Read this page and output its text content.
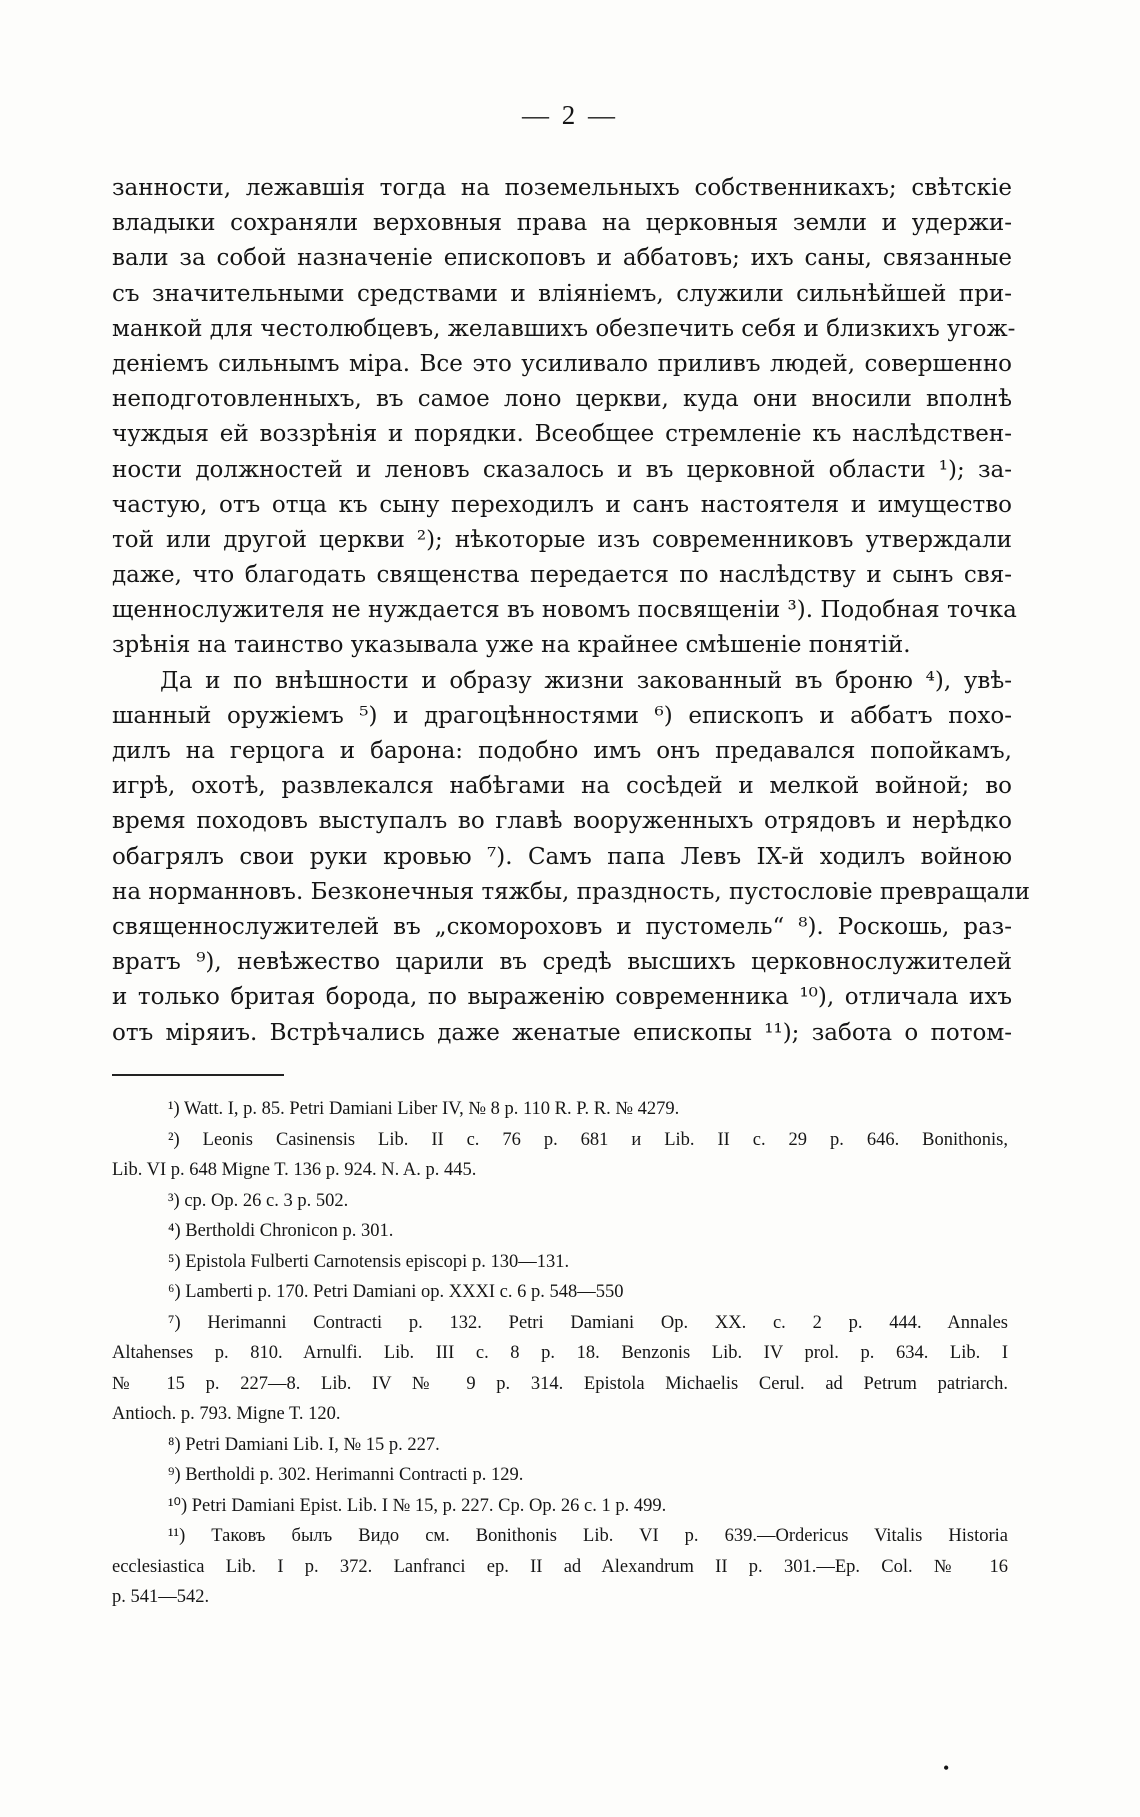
— 2 —
занности, лежавшія тогда на поземельныхъ собственникахъ; свѣтскіе
владыки сохраняли верховныя права на церковныя земли и удержи-
вали за собой назначеніе епископовъ и аббатовъ; ихъ саны, связанные
съ значительными средствами и вліяніемъ, служили сильнѣйшей при-
манкой для честолюбцевъ, желавшихъ обезпечить себя и близкихъ угож-
деніемъ сильнымъ міра. Все это усиливало приливъ людей, совершенно
неподготовленныхъ, въ самое лоно церкви, куда они вносили вполнѣ
чуждыя ей воззрѣнія и порядки. Всеобщее стремленіе къ наслѣдствен-
ности должностей и леновъ сказалось и въ церковной области ¹); за-
частую, отъ отца къ сыну переходилъ и санъ настоятеля и имущество
той или другой церкви ²); нѣкоторые изъ современниковъ утверждали
даже, что благодать священства передается по наслѣдству и сынъ свя-
щеннослужителя не нуждается въ новомъ посвященіи ³). Подобная точка
зрѣнія на таинство указывала уже на крайнее смѣшеніе понятій.
Да и по внѣшности и образу жизни закованный въ броню ⁴), увѣ-
шанный оружіемъ ⁵) и драгоцѣнностями ⁶) епископъ и аббатъ похо-
дилъ на герцога и барона: подобно имъ онъ предавался попойкамъ,
игрѣ, охотѣ, развлекался набѣгами на сосѣдей и мелкой войной; во
время походовъ выступалъ во главѣ вооруженныхъ отрядовъ и нерѣдко
обагрялъ свои руки кровью ⁷). Самъ папа Левъ IX-й ходилъ войною
на норманновъ. Безконечныя тяжбы, праздность, пустословіе превращали
священнослужителей въ „скомороховъ и пустомель“ ⁸). Роскошь, раз-
вратъ ⁹), невѣжество царили въ средѣ высшихъ церковнослужителей
и только бритая борода, по выраженію современника ¹⁰), отличала ихъ
отъ міряиъ. Встрѣчались даже женатые епископы ¹¹); забота о потом-
¹) Watt. I, p. 85. Petri Damiani Liber IV, № 8 p. 110 R. P. R. № 4279.
²) Leonis Casinensis Lib. II c. 76 p. 681 и Lib. II c. 29 p. 646. Bonithonis,
Lib. VI p. 648 Migne T. 136 p. 924. N. A. p. 445.
³) cp. Op. 26 c. 3 p. 502.
⁴) Bertholdi Chronicon p. 301.
⁵) Epistola Fulberti Carnotensis episcopi p. 130—131.
⁶) Lamberti p. 170. Petri Damiani op. XXXI c. 6 p. 548—550
⁷) Herimanni Contracti p. 132. Petri Damiani Op. XX. c. 2 p. 444. Annales
Altahenses p. 810. Arnulfi. Lib. III c. 8 p. 18. Benzonis Lib. IV prol. p. 634. Lib. I
№ 15 p. 227—8. Lib. IV № 9 p. 314. Epistola Michaelis Cerul. ad Petrum patriarch.
Antioch. p. 793. Migne T. 120.
⁸) Petri Damiani Lib. I, № 15 p. 227.
⁹) Bertholdi p. 302. Herimanni Contracti p. 129.
¹⁰) Petri Damiani Epist. Lib. I № 15, p. 227. Cp. Op. 26 c. 1 p. 499.
¹¹) Таковъ былъ Видо см. Bonithonis Lib. VI p. 639.—Ordericus Vitalis Historia
ecclesiastica Lib. I p. 372. Lanfranci ep. II ad Alexandrum II p. 301.—Ep. Col. № 16
p. 541—542.
•
